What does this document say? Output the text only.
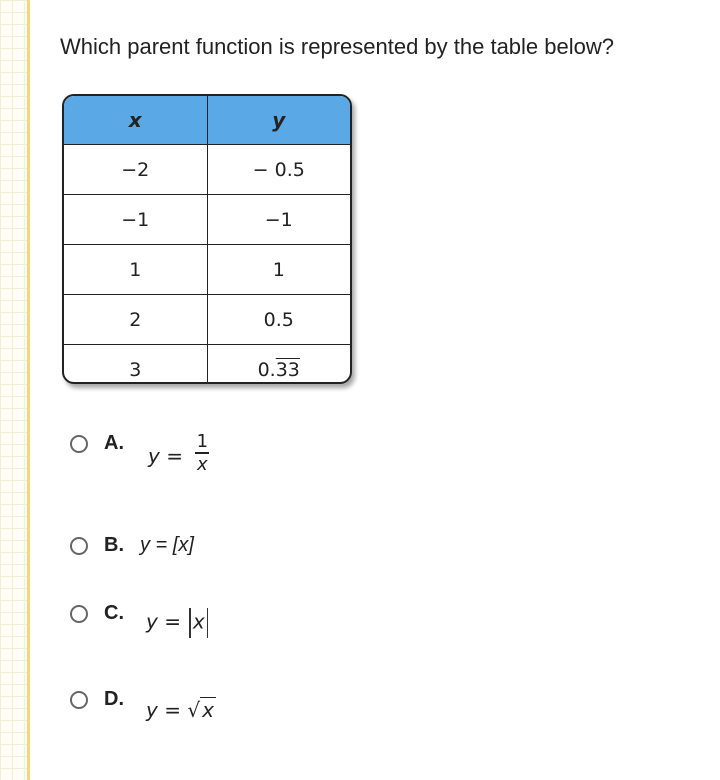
Which parent function is represented by the table below?
x	y
−2	− 0.5
−1	−1
1	1
2	0.5
3	0.33
A.
$y = \frac{1}{x}$
B. y = [x]
C. y = x
D. y = √ x
